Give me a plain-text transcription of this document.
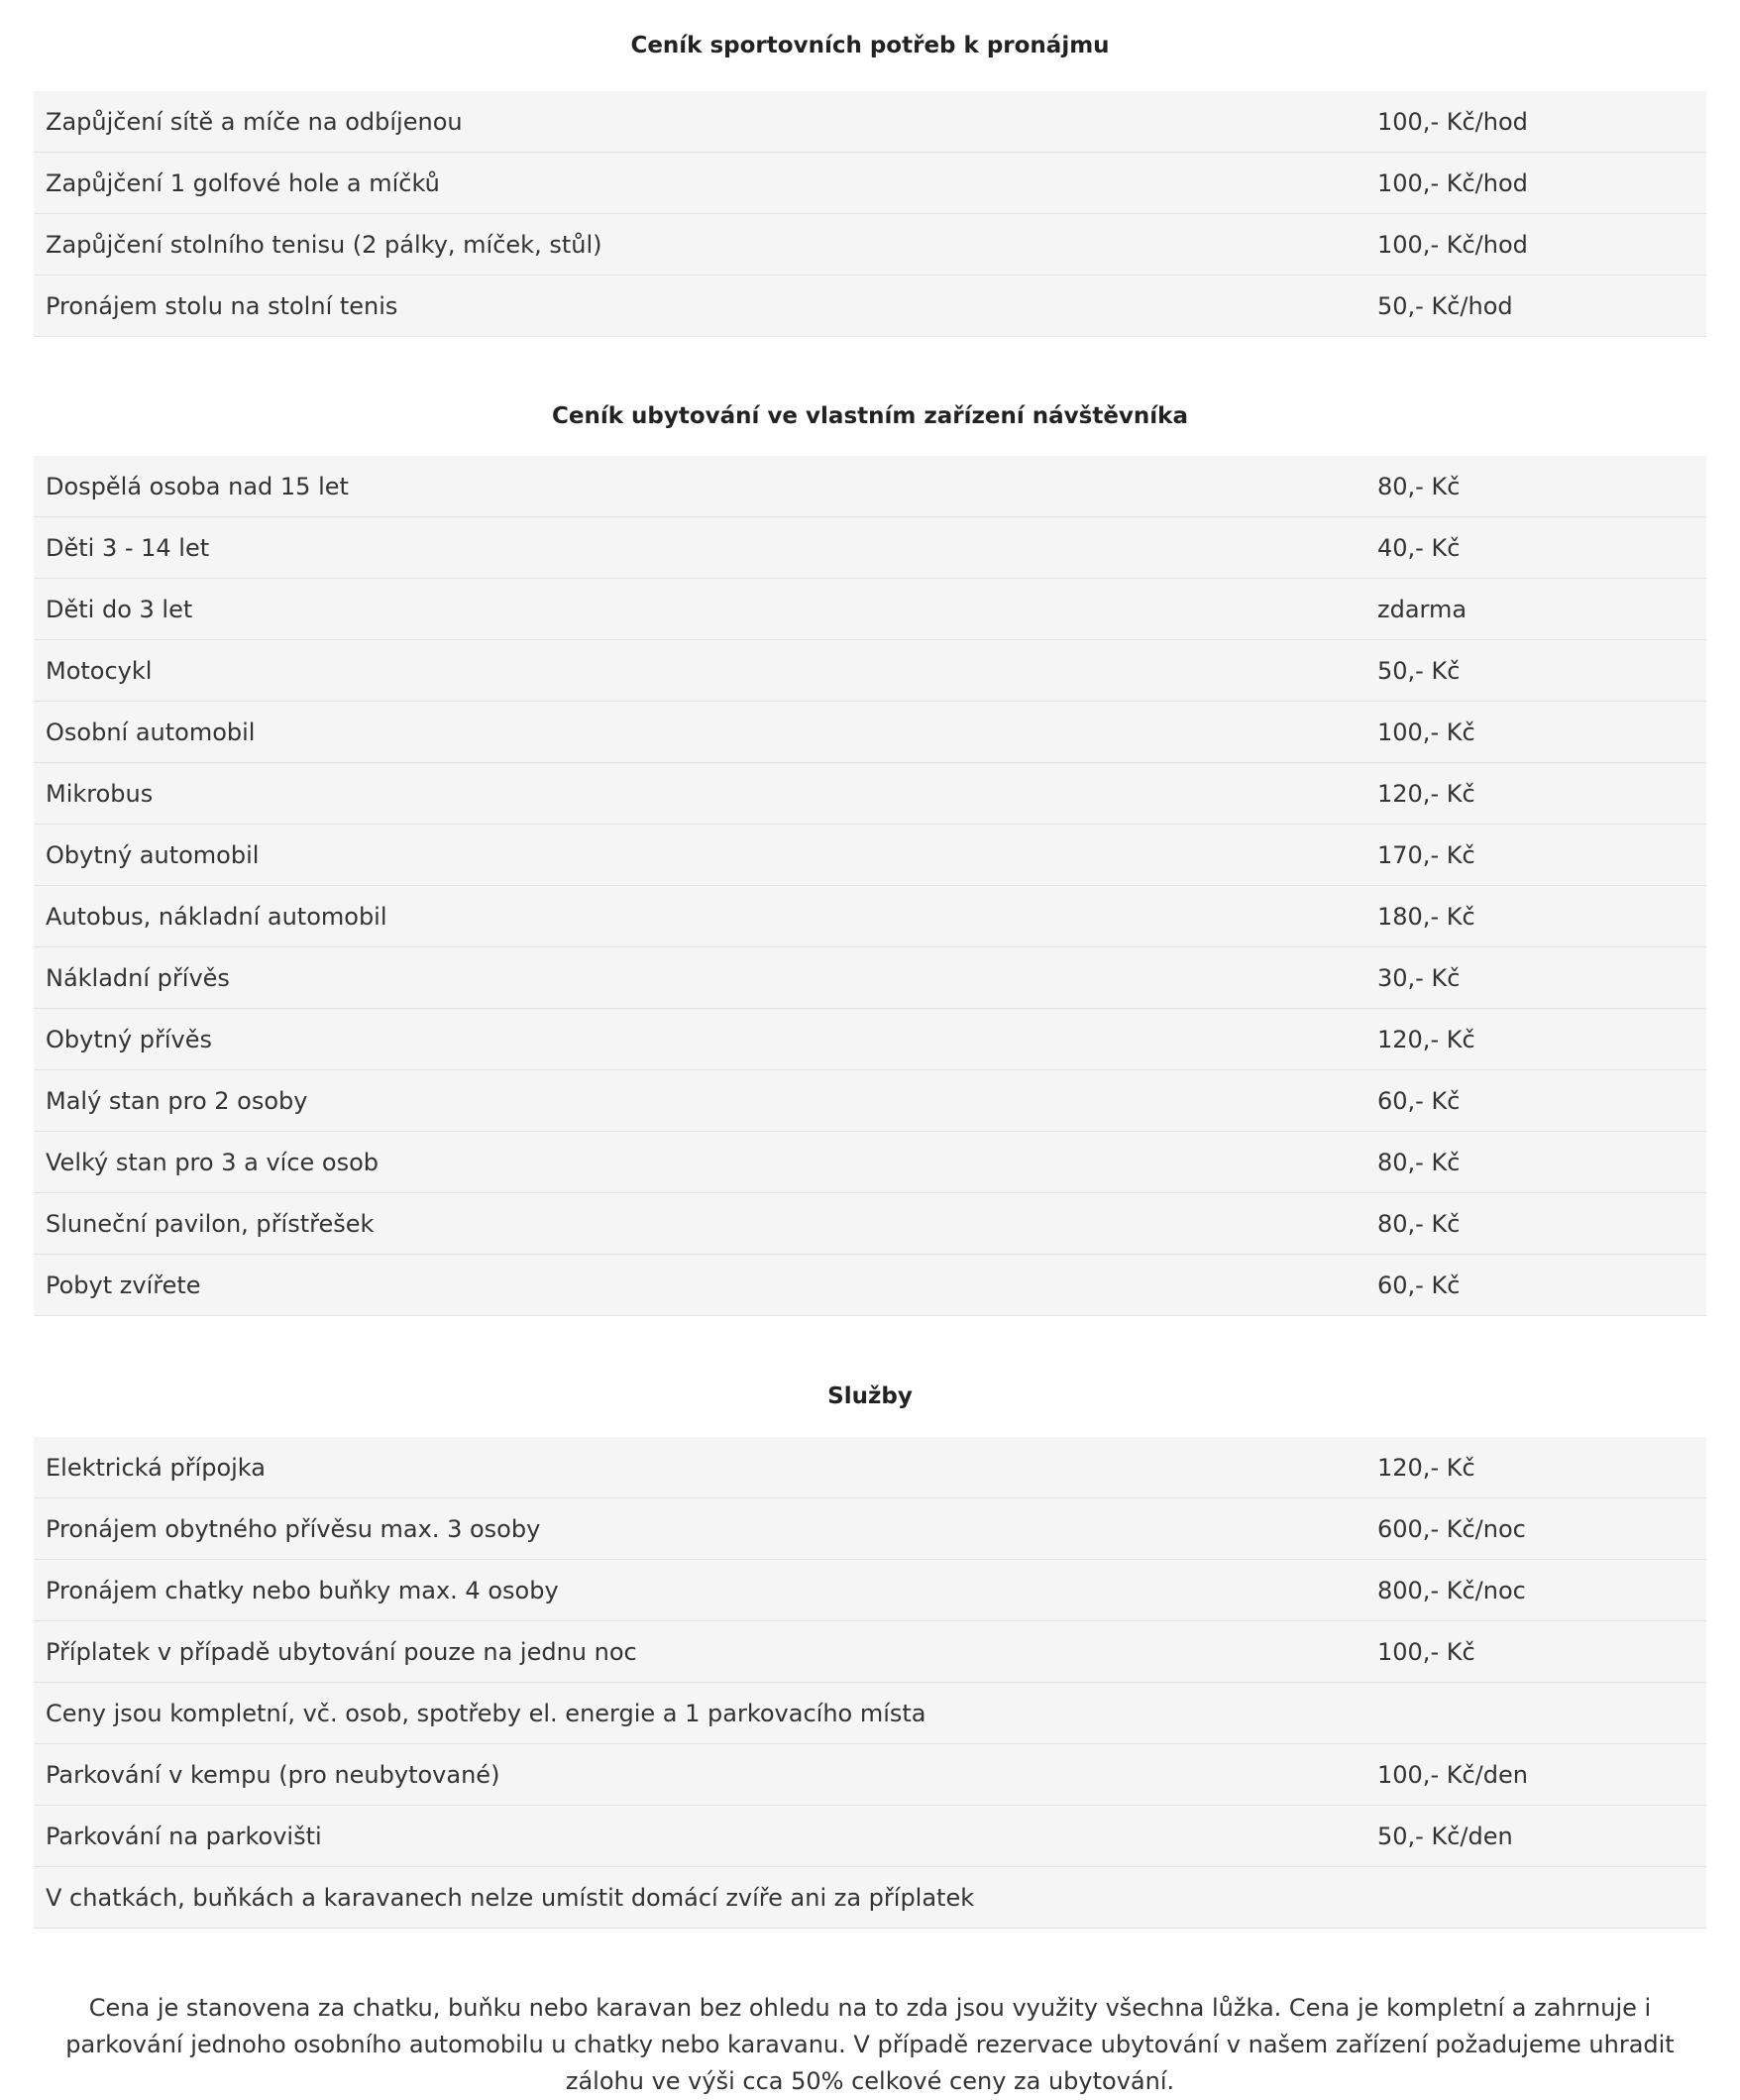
Ceník sportovních potřeb k pronájmu
Zapůjčení sítě a míče na odbíjenou	100,- Kč/hod
Zapůjčení 1 golfové hole a míčků	100,- Kč/hod
Zapůjčení stolního tenisu (2 pálky, míček, stůl)	100,- Kč/hod
Pronájem stolu na stolní tenis	50,- Kč/hod
Ceník ubytování ve vlastním zařízení návštěvníka
Dospělá osoba nad 15 let	80,- Kč
Děti 3 - 14 let	40,- Kč
Děti do 3 let	zdarma
Motocykl	50,- Kč
Osobní automobil	100,- Kč
Mikrobus	120,- Kč
Obytný automobil	170,- Kč
Autobus, nákladní automobil	180,- Kč
Nákladní přívěs	30,- Kč
Obytný přívěs	120,- Kč
Malý stan pro 2 osoby	60,- Kč
Velký stan pro 3 a více osob	80,- Kč
Sluneční pavilon, přístřešek	80,- Kč
Pobyt zvířete	60,- Kč
Služby
Elektrická přípojka	120,- Kč
Pronájem obytného přívěsu max. 3 osoby	600,- Kč/noc
Pronájem chatky nebo buňky max. 4 osoby	800,- Kč/noc
Příplatek v případě ubytování pouze na jednu noc	100,- Kč
Ceny jsou kompletní, vč. osob, spotřeby el. energie a 1 parkovacího místa	
Parkování v kempu (pro neubytované)	100,- Kč/den
Parkování na parkovišti	50,- Kč/den
V chatkách, buňkách a karavanech nelze umístit domácí zvíře ani za příplatek	

Cena je stanovena za chatku, buňku nebo karavan bez ohledu na to zda jsou využity všechna lůžka. Cena je kompletní a zahrnuje i parkování jednoho osobního automobilu u chatky nebo karavanu. V případě rezervace ubytování v našem zařízení požadujeme uhradit zálohu ve výši cca 50% celkové ceny za ubytování.
